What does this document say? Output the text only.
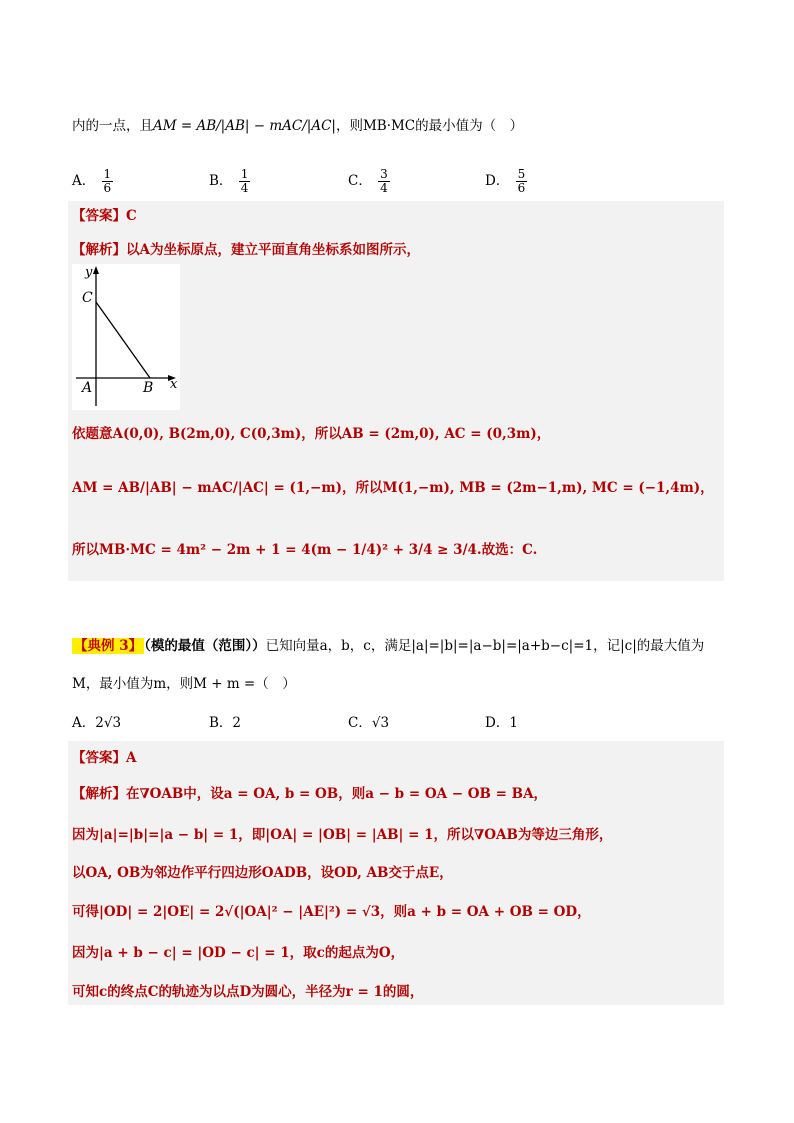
内的一点，且AM = AB/|AB| − mAC/|AC|，则MB·MC的最小值为（　）
A． $\frac{1}{6}$	B． $\frac{1}{4}$	C． $\frac{3}{4}$	D． $\frac{5}{6}$
【答案】C
【解析】以A为坐标原点，建立平面直角坐标系如图所示，
y
C
A	B x
依题意A(0,0), B(2m,0), C(0,3m)，所以AB = (2m,0), AC = (0,3m)，
AM = AB/|AB| − mAC/|AC| = (1,−m)，所以M(1,−m), MB = (2m−1,m), MC = (−1,4m)，
所以MB·MC = 4m² − 2m + 1 = 4(m − 1/4)² + 3/4 ≥ 3/4.故选：C.
【典例 3】 （模的最值（范围））已知向量a，b，c，满足|a|=|b|=|a−b|=|a+b−c|=1，记|c|的最大值为
M，最小值为m，则M + m =（　）
A．2√3	B．2	C．√3	D．1
【答案】A
【解析】在∇OAB中，设a = OA, b = OB，则a − b = OA − OB = BA，
因为|a|=|b|=|a − b| = 1，即|OA| = |OB| = |AB| = 1，所以∇OAB为等边三角形，
以OA, OB为邻边作平行四边形OADB，设OD, AB交于点E，
可得|OD| = 2|OE| = 2√(|OA|² − |AE|²) = √3，则a + b = OA + OB = OD，
因为|a + b − c| = |OD − c| = 1，取c的起点为O，
可知c的终点C的轨迹为以点D为圆心，半径为r = 1的圆，
